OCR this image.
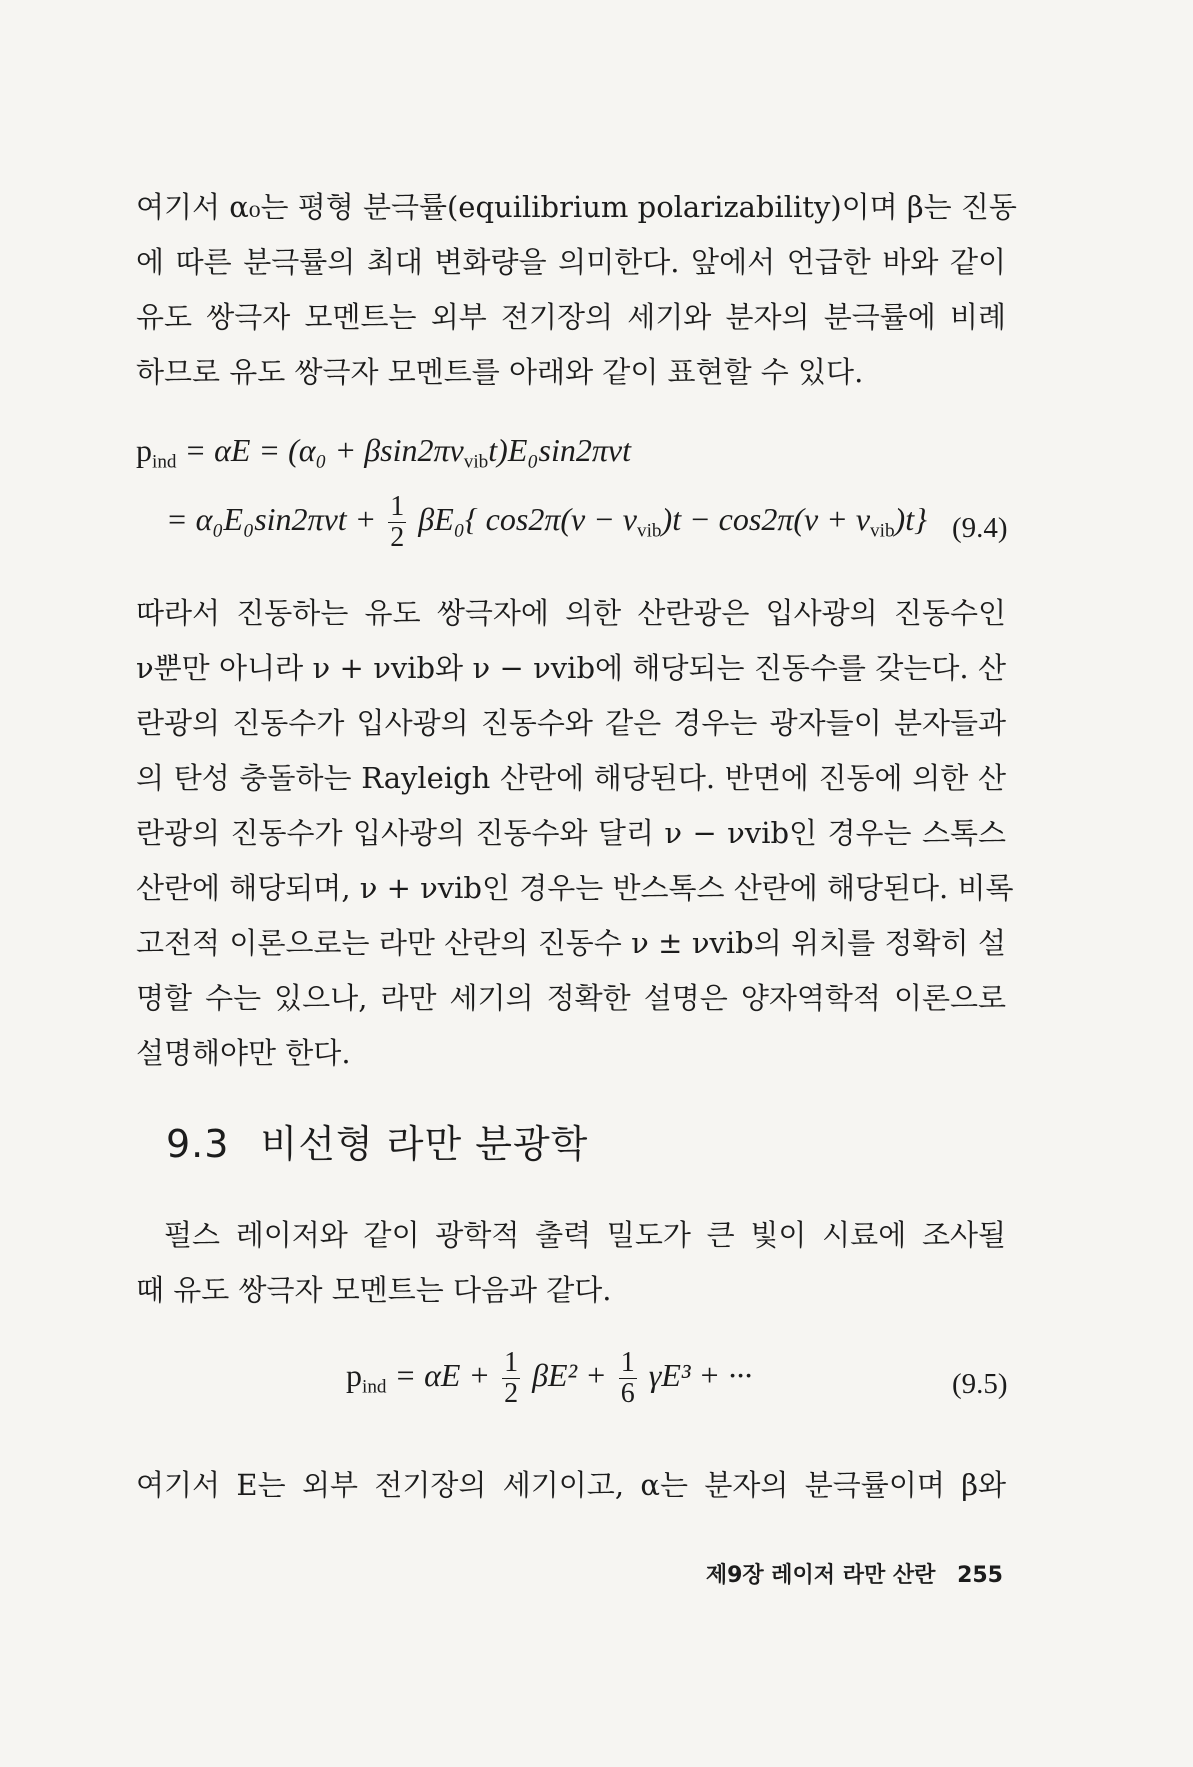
여기서 α₀는 평형 분극률(equilibrium polarizability)이며 β는 진동
에 따른 분극률의 최대 변화량을 의미한다. 앞에서 언급한 바와 같이
유도 쌍극자 모멘트는 외부 전기장의 세기와 분자의 분극률에 비례
하므로 유도 쌍극자 모멘트를 아래와 같이 표현할 수 있다.
$p_{ind} = \alpha E = (\alpha_0 + \beta\sin 2\pi\nu_{vib}t)E_0\sin 2\pi\nu t$
= $\alpha_0E_0\sin 2\pi\nu t + \frac{1}{2} \beta E_0${ $\cos 2\pi(\nu - \nu_{vib})t - \cos 2\pi(\nu + \nu_{vib})t$} (9.4)
따라서 진동하는 유도 쌍극자에 의한 산란광은 입사광의 진동수인
ν뿐만 아니라 ν + νvib와 ν − νvib에 해당되는 진동수를 갖는다. 산
란광의 진동수가 입사광의 진동수와 같은 경우는 광자들이 분자들과
의 탄성 충돌하는 Rayleigh 산란에 해당된다. 반면에 진동에 의한 산
란광의 진동수가 입사광의 진동수와 달리 ν − νvib인 경우는 스톡스
산란에 해당되며, ν + νvib인 경우는 반스톡스 산란에 해당된다. 비록
고전적 이론으로는 라만 산란의 진동수 ν ± νvib의 위치를 정확히 설
명할 수는 있으나, 라만 세기의 정확한 설명은 양자역학적 이론으로
설명해야만 한다.
9.3 비선형 라만 분광학
펄스 레이저와 같이 광학적 출력 밀도가 큰 빛이 시료에 조사될
때 유도 쌍극자 모멘트는 다음과 같다.
$p_{ind} = \alpha E + \frac{1}{2} \beta E^2 + \frac{1}{6} \gamma E^3$ + ···	(9.5)
여기서 E는 외부 전기장의 세기이고, α는 분자의 분극률이며 β와
제9장 레이저 라만 산란 255
